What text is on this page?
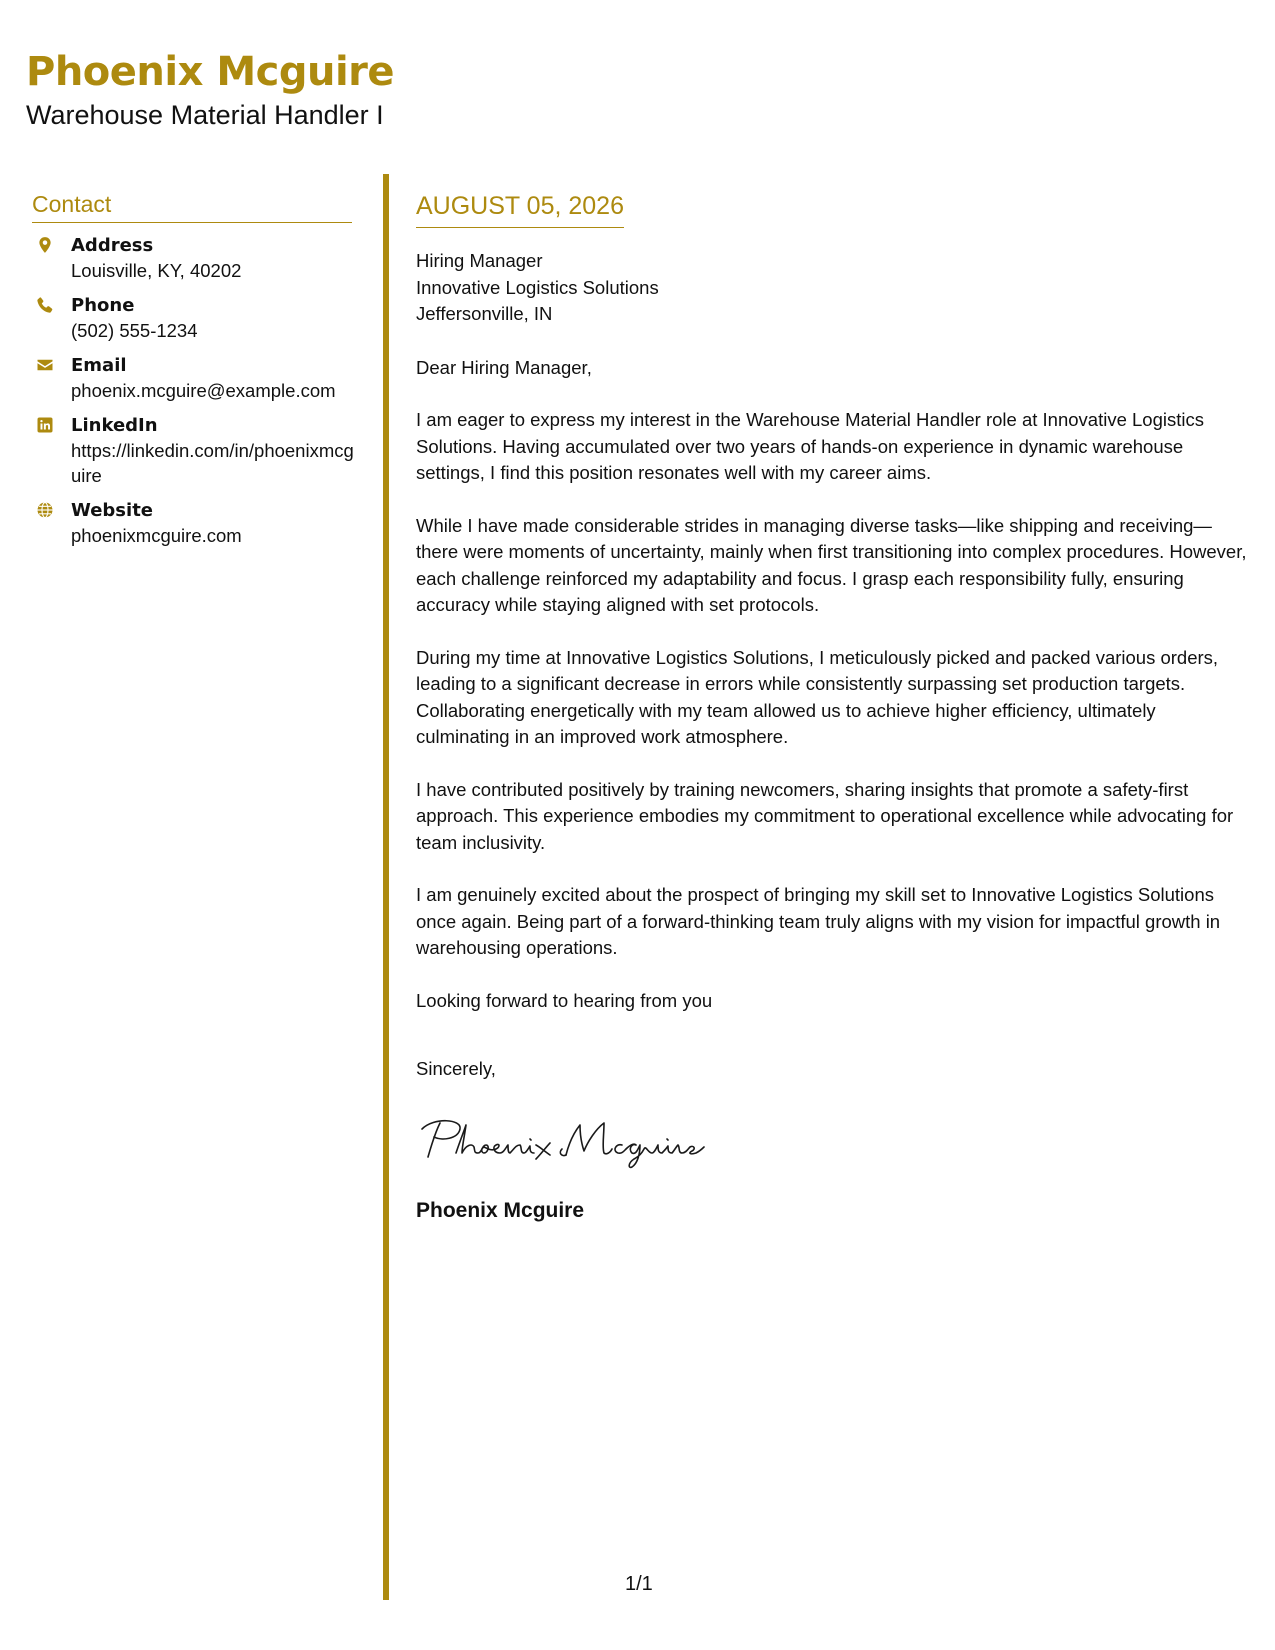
Phoenix Mcguire
Warehouse Material Handler I
Contact
Address
Louisville, KY, 40202
Phone
(502) 555-1234
Email
phoenix.mcguire@example.com
LinkedIn
https://linkedin.com/in/phoenixmcguire
Website
phoenixmcguire.com
AUGUST 05, 2026
Hiring Manager
Innovative Logistics Solutions
Jeffersonville, IN
Dear Hiring Manager,
I am eager to express my interest in the Warehouse Material Handler role at Innovative Logistics Solutions. Having accumulated over two years of hands-on experience in dynamic warehouse settings, I find this position resonates well with my career aims.
While I have made considerable strides in managing diverse tasks—like shipping and receiving—there were moments of uncertainty, mainly when first transitioning into complex procedures. However, each challenge reinforced my adaptability and focus. I grasp each responsibility fully, ensuring accuracy while staying aligned with set protocols.
During my time at Innovative Logistics Solutions, I meticulously picked and packed various orders, leading to a significant decrease in errors while consistently surpassing set production targets. Collaborating energetically with my team allowed us to achieve higher efficiency, ultimately culminating in an improved work atmosphere.
I have contributed positively by training newcomers, sharing insights that promote a safety-first approach. This experience embodies my commitment to operational excellence while advocating for team inclusivity.
I am genuinely excited about the prospect of bringing my skill set to Innovative Logistics Solutions once again. Being part of a forward-thinking team truly aligns with my vision for impactful growth in warehousing operations.
Looking forward to hearing from you
Sincerely,
Phoenix Mcguire
1/1
